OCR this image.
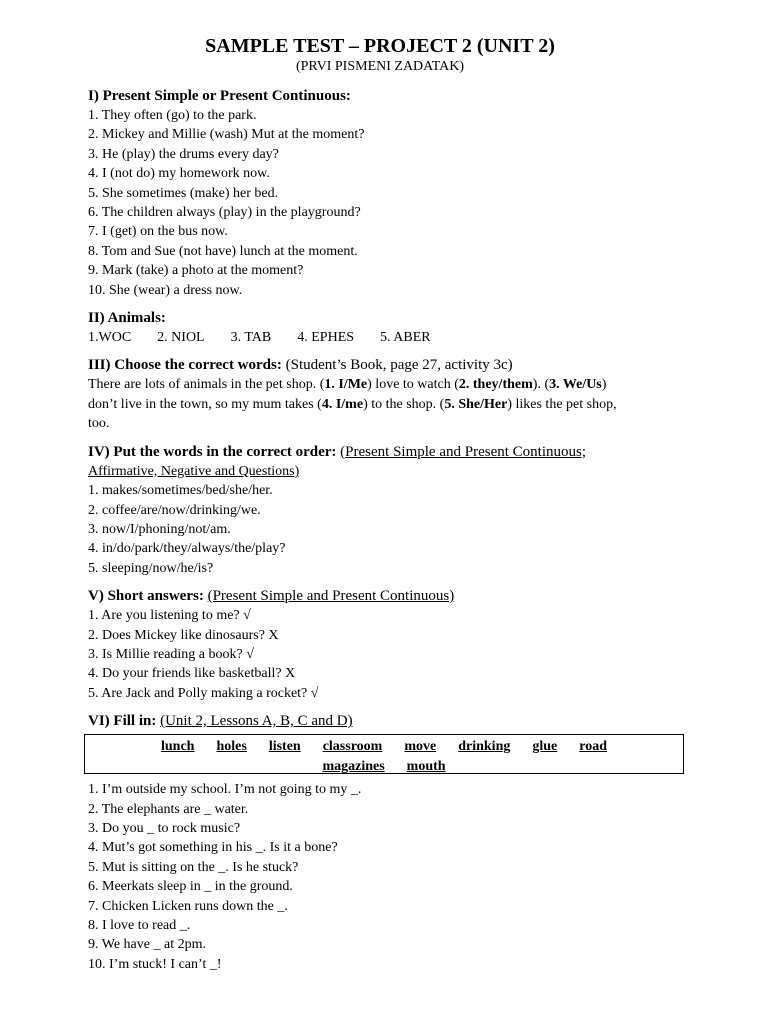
SAMPLE TEST – PROJECT 2 (UNIT 2)
(PRVI PISMENI ZADATAK)
I) Present Simple or Present Continuous:
1. They often (go) to the park.
2. Mickey and Millie (wash) Mut at the moment?
3. He (play) the drums every day?
4. I (not do) my homework now.
5. She sometimes (make) her bed.
6. The children always (play) in the playground?
7. I (get) on the bus now.
8. Tom and Sue (not have) lunch at the moment.
9. Mark (take) a photo at the moment?
10. She (wear) a dress now.
II) Animals:
1.WOC 2. NIOL 3. TAB 4. EPHES 5. ABER
III) Choose the correct words: (Student’s Book, page 27, activity 3c)
There are lots of animals in the pet shop. (1. I/Me) love to watch (2. they/them). (3. We/Us)
don’t live in the town, so my mum takes (4. I/me) to the shop. (5. She/Her) likes the pet shop,
too.
IV) Put the words in the correct order: (Present Simple and Present Continuous;
Affirmative, Negative and Questions)
1. makes/sometimes/bed/she/her.
2. coffee/are/now/drinking/we.
3. now/I/phoning/not/am.
4. in/do/park/they/always/the/play?
5. sleeping/now/he/is?
V) Short answers: (Present Simple and Present Continuous)
1. Are you listening to me? √
2. Does Mickey like dinosaurs? X
3. Is Millie reading a book? √
4. Do your friends like basketball? X
5. Are Jack and Polly making a rocket? √
VI) Fill in: (Unit 2, Lessons A, B, C and D)
lunch holes listen classroom move drinking glue road
magazines mouth
1. I’m outside my school. I’m not going to my _.
2. The elephants are _ water.
3. Do you _ to rock music?
4. Mut’s got something in his _. Is it a bone?
5. Mut is sitting on the _. Is he stuck?
6. Meerkats sleep in _ in the ground.
7. Chicken Licken runs down the _.
8. I love to read _.
9. We have _ at 2pm.
10. I’m stuck! I can’t _!
